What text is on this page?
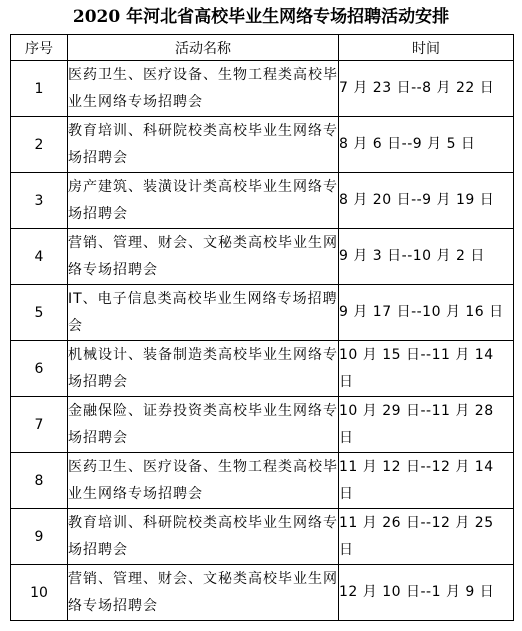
2020 年河北省高校毕业生网络专场招聘活动安排
序号	活动名称	时间
1	医药卫生、医疗设备、生物工程类高校毕业生网络专场招聘会	7 月 23 日--8 月 22 日
2	教育培训、科研院校类高校毕业生网络专场招聘会	8 月 6 日--9 月 5 日
3	房产建筑、装潢设计类高校毕业生网络专场招聘会	8 月 20 日--9 月 19 日
4	营销、管理、财会、文秘类高校毕业生网络专场招聘会	9 月 3 日--10 月 2 日
5	IT、电子信息类高校毕业生网络专场招聘会	9 月 17 日--10 月 16 日
6	机械设计、装备制造类高校毕业生网络专场招聘会	10 月 15 日--11 月 14 日
7	金融保险、证券投资类高校毕业生网络专场招聘会	10 月 29 日--11 月 28 日
8	医药卫生、医疗设备、生物工程类高校毕业生网络专场招聘会	11 月 12 日--12 月 14 日
9	教育培训、科研院校类高校毕业生网络专场招聘会	11 月 26 日--12 月 25 日
10	营销、管理、财会、文秘类高校毕业生网络专场招聘会	12 月 10 日--1 月 9 日
